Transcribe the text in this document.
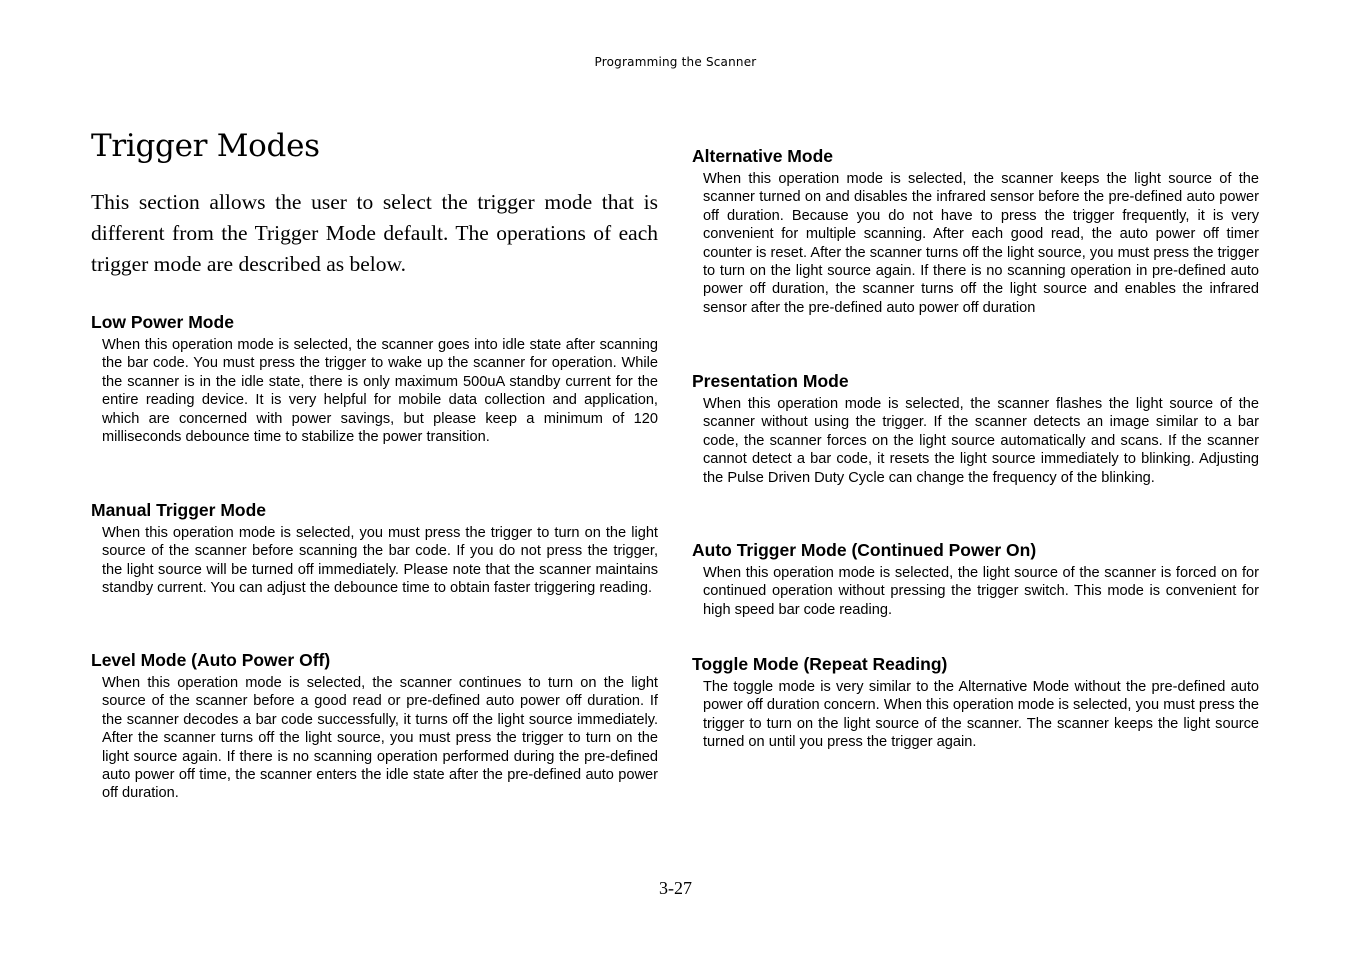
Programming the Scanner
Trigger Modes

This section allows the user to select the trigger mode that is different from the Trigger Mode default. The operations of each trigger mode are described as below.

Low Power Mode

When this operation mode is selected, the scanner goes into idle state after scanning the bar code. You must press the trigger to wake up the scanner for operation. While the scanner is in the idle state, there is only maximum 500uA standby current for the entire reading device. It is very helpful for mobile data collection and application, which are concerned with power savings, but please keep a minimum of 120 milliseconds debounce time to stabilize the power transition.

Manual Trigger Mode

When this operation mode is selected, you must press the trigger to turn on the light source of the scanner before scanning the bar code. If you do not press the trigger, the light source will be turned off immediately. Please note that the scanner maintains standby current. You can adjust the debounce time to obtain faster triggering reading.

Level Mode (Auto Power Off)

When this operation mode is selected, the scanner continues to turn on the light source of the scanner before a good read or pre-defined auto power off duration. If the scanner decodes a bar code successfully, it turns off the light source immediately. After the scanner turns off the light source, you must press the trigger to turn on the light source again. If there is no scanning operation performed during the pre-defined auto power off time, the scanner enters the idle state after the pre-defined auto power off duration.

Alternative Mode

When this operation mode is selected, the scanner keeps the light source of the scanner turned on and disables the infrared sensor before the pre-defined auto power off duration. Because you do not have to press the trigger frequently, it is very convenient for multiple scanning. After each good read, the auto power off timer counter is reset. After the scanner turns off the light source, you must press the trigger to turn on the light source again. If there is no scanning operation in pre-defined auto power off duration, the scanner turns off the light source and enables the infrared sensor after the pre-defined auto power off duration

Presentation Mode

When this operation mode is selected, the scanner flashes the light source of the scanner without using the trigger. If the scanner detects an image similar to a bar code, the scanner forces on the light source automatically and scans. If the scanner cannot detect a bar code, it resets the light source immediately to blinking. Adjusting the Pulse Driven Duty Cycle can change the frequency of the blinking.

Auto Trigger Mode (Continued Power On)

When this operation mode is selected, the light source of the scanner is forced on for continued operation without pressing the trigger switch. This mode is convenient for high speed bar code reading.

Toggle Mode (Repeat Reading)

The toggle mode is very similar to the Alternative Mode without the pre-defined auto power off duration concern. When this operation mode is selected, you must press the trigger to turn on the light source of the scanner. The scanner keeps the light source turned on until you press the trigger again.

3-27
